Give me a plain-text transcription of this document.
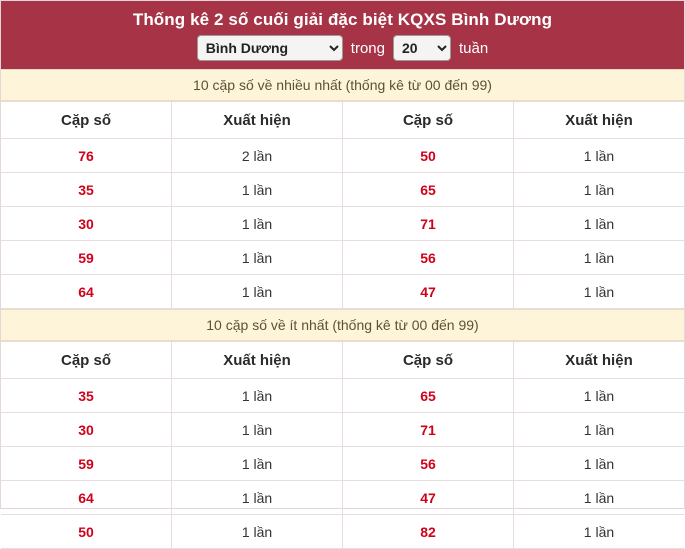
Thống kê 2 số cuối giải đặc biệt KQXS Bình Dương
Bình Dương
trong
20	tuần
10 cặp số về nhiều nhất (thống kê từ 00 đến 99)
Cặp số	Xuất hiện	Cặp số	Xuất hiện
76	2 lần	50	1 lần
35	1 lần	65	1 lần
30	1 lần	71	1 lần
59	1 lần	56	1 lần
64	1 lần	47	1 lần
10 cặp số về ít nhất (thống kê từ 00 đến 99)
Cặp số	Xuất hiện	Cặp số	Xuất hiện
35	1 lần	65	1 lần
30	1 lần	71	1 lần
59	1 lần	56	1 lần
64	1 lần	47	1 lần
50	1 lần	82	1 lần
